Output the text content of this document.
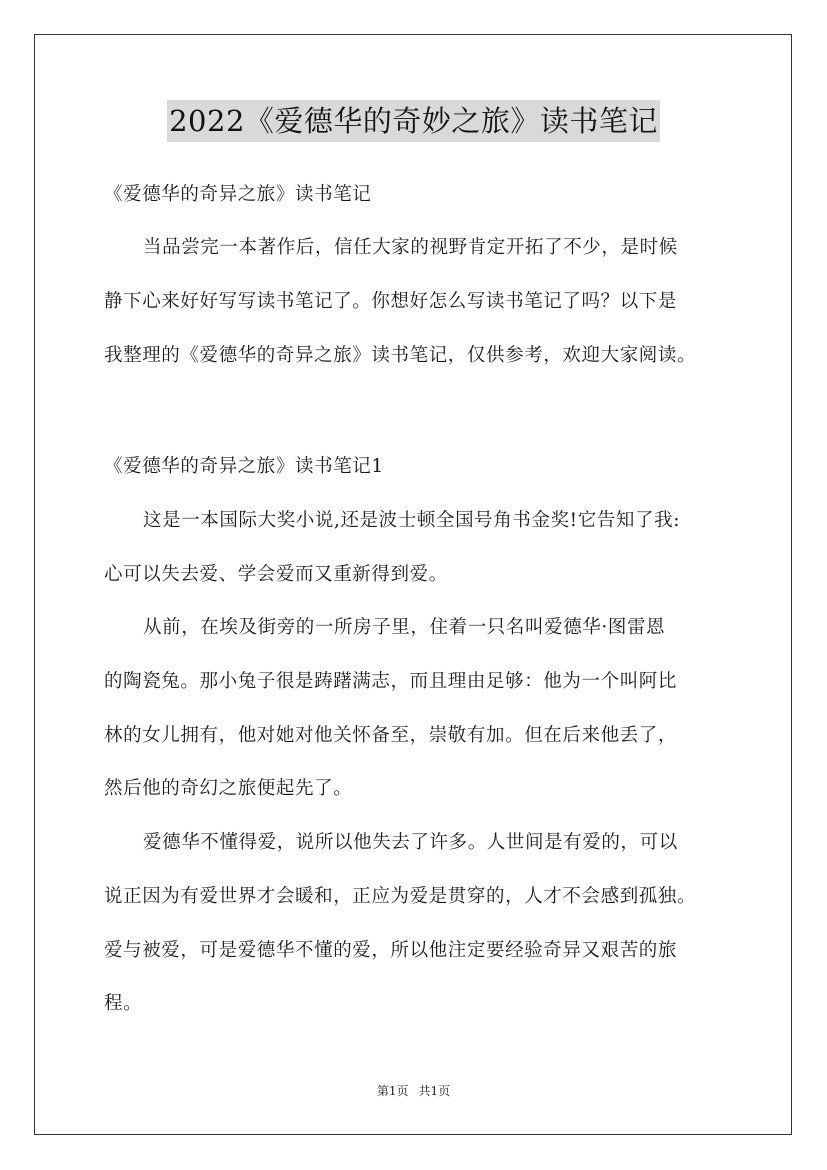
2022《爱德华的奇妙之旅》读书笔记
《爱德华的奇异之旅》读书笔记
当品尝完一本著作后，信任大家的视野肯定开拓了不少，是时候
静下心来好好写写读书笔记了。你想好怎么写读书笔记了吗？以下是
我整理的《爱德华的奇异之旅》读书笔记，仅供参考，欢迎大家阅读。
《爱德华的奇异之旅》读书笔记1
这是一本国际大奖小说,还是波士顿全国号角书金奖!它告知了我:
心可以失去爱、学会爱而又重新得到爱。
从前，在埃及街旁的一所房子里，住着一只名叫爱德华·图雷恩
的陶瓷兔。那小兔子很是踌躇满志，而且理由足够：他为一个叫阿比
林的女儿拥有，他对她对他关怀备至，崇敬有加。但在后来他丢了，
然后他的奇幻之旅便起先了。
爱德华不懂得爱，说所以他失去了许多。人世间是有爱的，可以
说正因为有爱世界才会暖和，正应为爱是贯穿的，人才不会感到孤独。
爱与被爱，可是爱德华不懂的爱，所以他注定要经验奇异又艰苦的旅
程。
第1页 共1页
